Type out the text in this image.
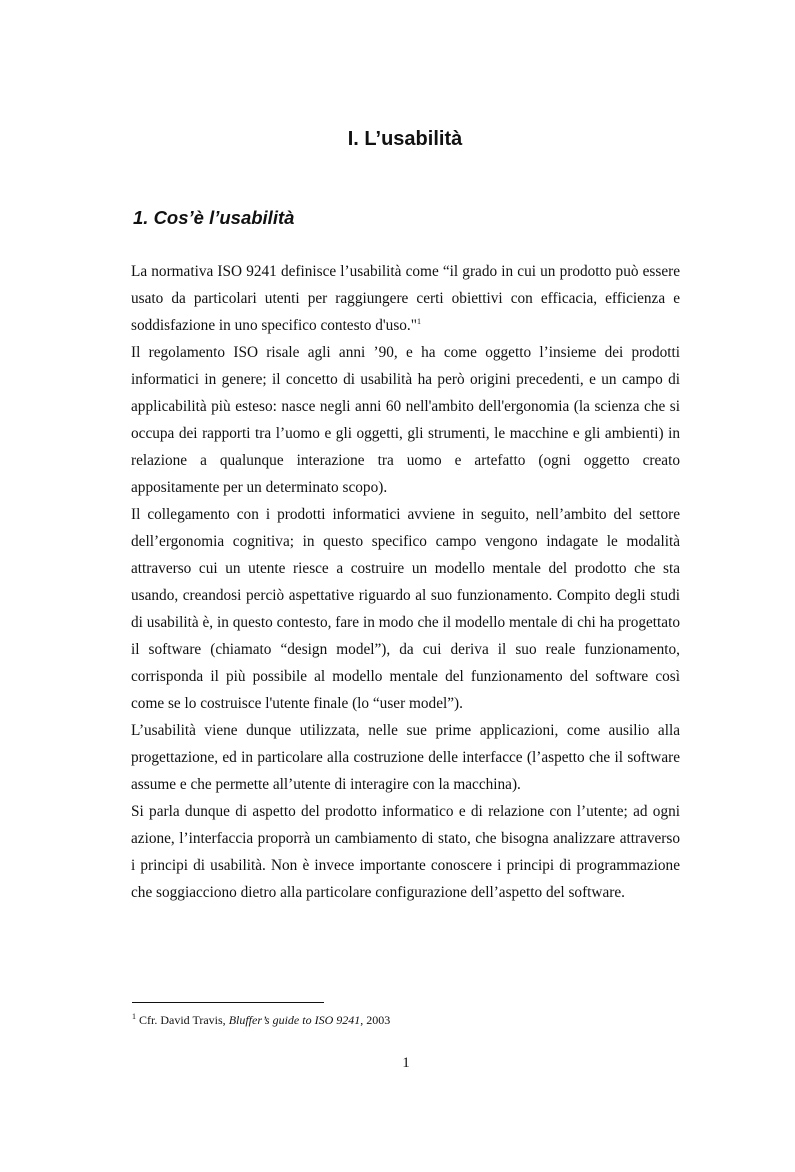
I. L’usabilità
1. Cos’è l’usabilità

La normativa ISO 9241 definisce l’usabilità come “il grado in cui un prodotto può essere usato da particolari utenti per raggiungere certi obiettivi con efficacia, efficienza e soddisfazione in uno specifico contesto d'uso."$^1$

Il regolamento ISO risale agli anni ’90, e ha come oggetto l’insieme dei prodotti informatici in genere; il concetto di usabilità ha però origini precedenti, e un campo di applicabilità più esteso: nasce negli anni 60 nell'ambito dell'ergonomia (la scienza che si occupa dei rapporti tra l’uomo e gli oggetti, gli strumenti, le macchine e gli ambienti) in relazione a qualunque interazione tra uomo e artefatto (ogni oggetto creato appositamente per un determinato scopo).

Il collegamento con i prodotti informatici avviene in seguito, nell’ambito del settore dell’ergonomia cognitiva; in questo specifico campo vengono indagate le modalità attraverso cui un utente riesce a costruire un modello mentale del prodotto che sta usando, creandosi perciò aspettative riguardo al suo funzionamento. Compito degli studi di usabilità è, in questo contesto, fare in modo che il modello mentale di chi ha progettato il software (chiamato “design model”), da cui deriva il suo reale funzionamento, corrisponda il più possibile al modello mentale del funzionamento del software così come se lo costruisce l'utente finale (lo “user model”).

L’usabilità viene dunque utilizzata, nelle sue prime applicazioni, come ausilio alla progettazione, ed in particolare alla costruzione delle interfacce (l’aspetto che il software assume e che permette all’utente di interagire con la macchina).

Si parla dunque di aspetto del prodotto informatico e di relazione con l’utente; ad ogni azione, l’interfaccia proporrà un cambiamento di stato, che bisogna analizzare attraverso i principi di usabilità. Non è invece importante conoscere i principi di programmazione che soggiacciono dietro alla particolare configurazione dell’aspetto del software.

$^1$ Cfr. David Travis, Bluffer’s guide to ISO 9241, 2003

1
